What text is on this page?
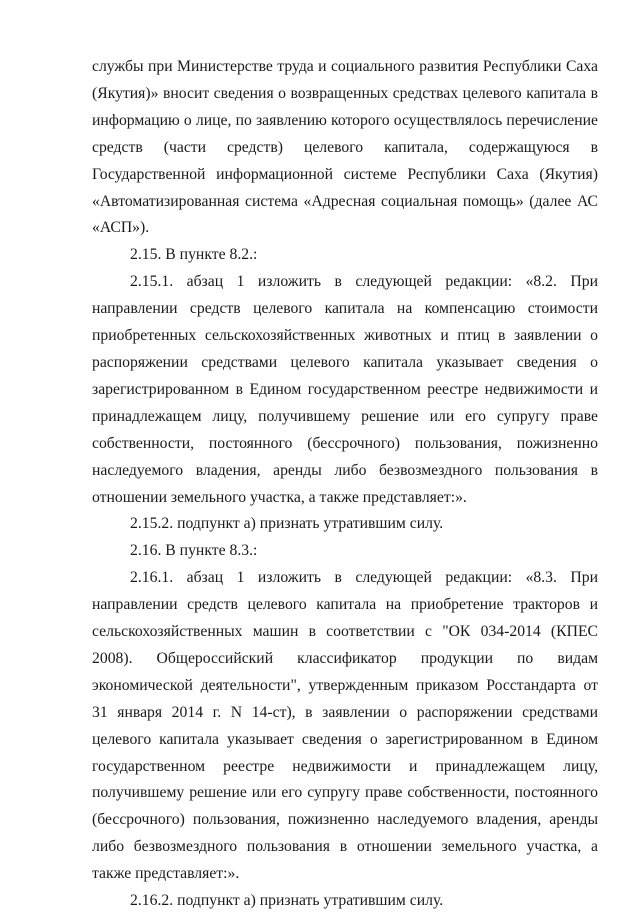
службы при Министерстве труда и социального развития Республики Саха (Якутия)» вносит сведения о возвращенных средствах целевого капитала в информацию о лице, по заявлению которого осуществлялось перечисление средств (части средств) целевого капитала, содержащуюся в Государственной информационной системе Республики Саха (Якутия) «Автоматизированная система «Адресная социальная помощь» (далее АС «АСП»).

2.15. В пункте 8.2.:

2.15.1. абзац 1 изложить в следующей редакции: «8.2. При направлении средств целевого капитала на компенсацию стоимости приобретенных сельскохозяйственных животных и птиц в заявлении о распоряжении средствами целевого капитала указывает сведения о зарегистрированном в Едином государственном реестре недвижимости и принадлежащем лицу, получившему решение или его супругу праве собственности, постоянного (бессрочного) пользования, пожизненно наследуемого владения, аренды либо безвозмездного пользования в отношении земельного участка, а также представляет:».

2.15.2. подпункт а) признать утратившим силу.

2.16. В пункте 8.3.:

2.16.1. абзац 1 изложить в следующей редакции: «8.3. При направлении средств целевого капитала на приобретение тракторов и сельскохозяйственных машин в соответствии с "ОК 034-2014 (КПЕС 2008). Общероссийский классификатор продукции по видам экономической деятельности", утвержденным приказом Росстандарта от 31 января 2014 г. N 14-ст), в заявлении о распоряжении средствами целевого капитала указывает сведения о зарегистрированном в Едином государственном реестре недвижимости и принадлежащем лицу, получившему решение или его супругу праве собственности, постоянного (бессрочного) пользования, пожизненно наследуемого владения, аренды либо безвозмездного пользования в отношении земельного участка, а также представляет:».

2.16.2. подпункт а) признать утратившим силу.
